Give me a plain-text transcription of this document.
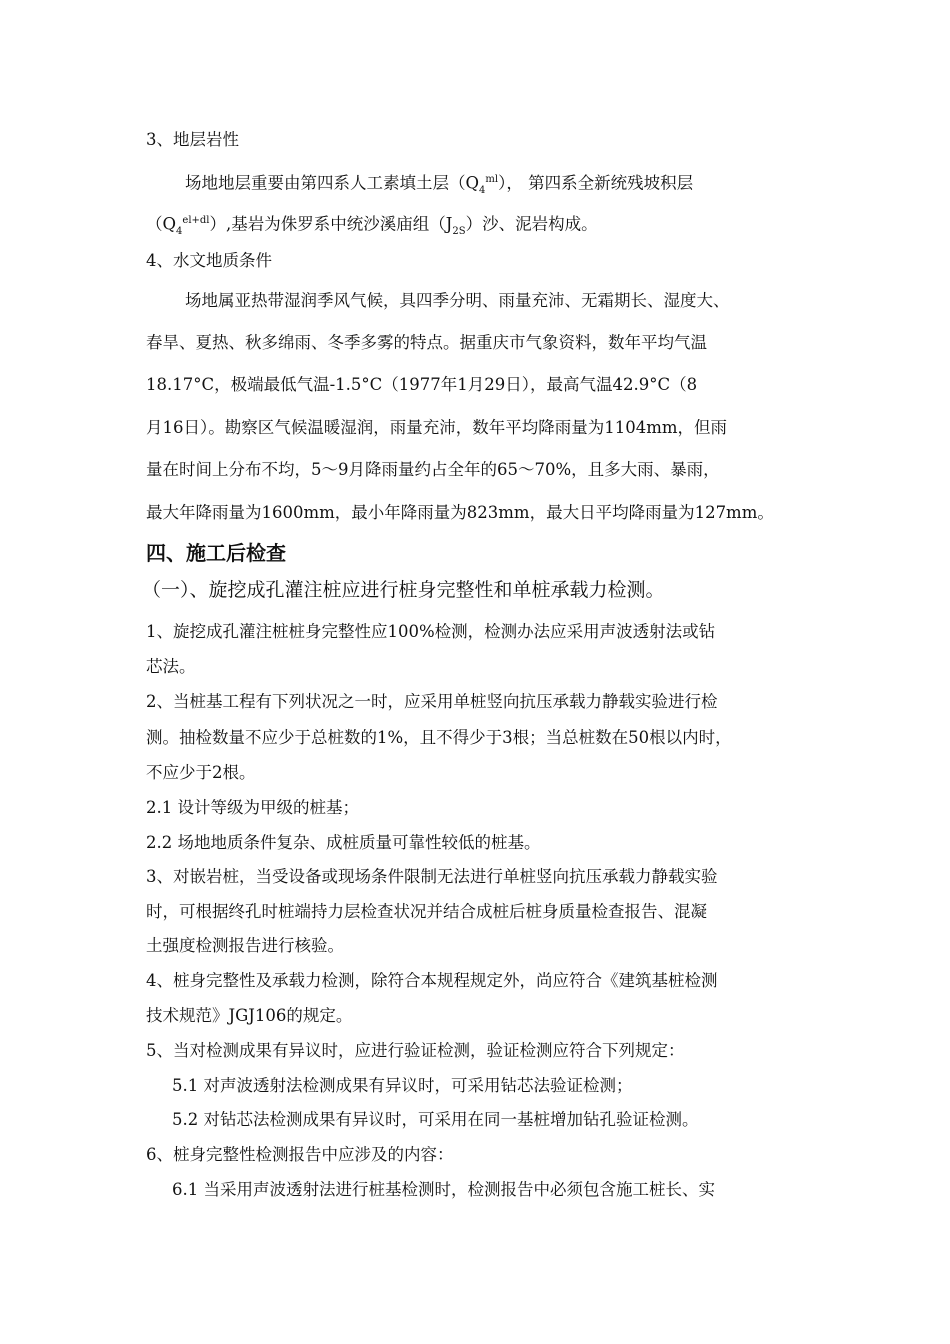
3、地层岩性
场地地层重要由第四系人工素填土层$(Q_4^{ml})$， 第四系全新统残坡积层
$(Q_4^{el+dl})$,基岩为侏罗系中统沙溪庙组$(J_{2S})$沙、泥岩构成。
4、水文地质条件
场地属亚热带湿润季风气候，具四季分明、雨量充沛、无霜期长、湿度大、
春旱、夏热、秋多绵雨、冬季多雾的特点。据重庆市气象资料，数年平均气温
18.17°C，极端最低气温-1.5°C（1977年1月29日），最高气温42.9°C（8
月16日）。勘察区气候温暖湿润，雨量充沛，数年平均降雨量为1104mm，但雨
量在时间上分布不均，5～9月降雨量约占全年的65～70%，且多大雨、暴雨，
最大年降雨量为1600mm，最小年降雨量为823mm，最大日平均降雨量为127mm。
四、施工后检查
（一）、旋挖成孔灌注桩应进行桩身完整性和单桩承载力检测。
1、旋挖成孔灌注桩桩身完整性应100%检测，检测办法应采用声波透射法或钻
芯法。
2、当桩基工程有下列状况之一时，应采用单桩竖向抗压承载力静载实验进行检
测。抽检数量不应少于总桩数的1%，且不得少于3根；当总桩数在50根以内时，
不应少于2根。
2.1 设计等级为甲级的桩基；
2.2 场地地质条件复杂、成桩质量可靠性较低的桩基。
3、对嵌岩桩，当受设备或现场条件限制无法进行单桩竖向抗压承载力静载实验
时，可根据终孔时桩端持力层检查状况并结合成桩后桩身质量检查报告、混凝
土强度检测报告进行核验。
4、桩身完整性及承载力检测，除符合本规程规定外，尚应符合《建筑基桩检测
技术规范》JGJ106的规定。
5、当对检测成果有异议时，应进行验证检测，验证检测应符合下列规定：
5.1 对声波透射法检测成果有异议时，可采用钻芯法验证检测；
5.2 对钻芯法检测成果有异议时，可采用在同一基桩增加钻孔验证检测。
6、桩身完整性检测报告中应涉及的内容：
6.1 当采用声波透射法进行桩基检测时，检测报告中必须包含施工桩长、实
